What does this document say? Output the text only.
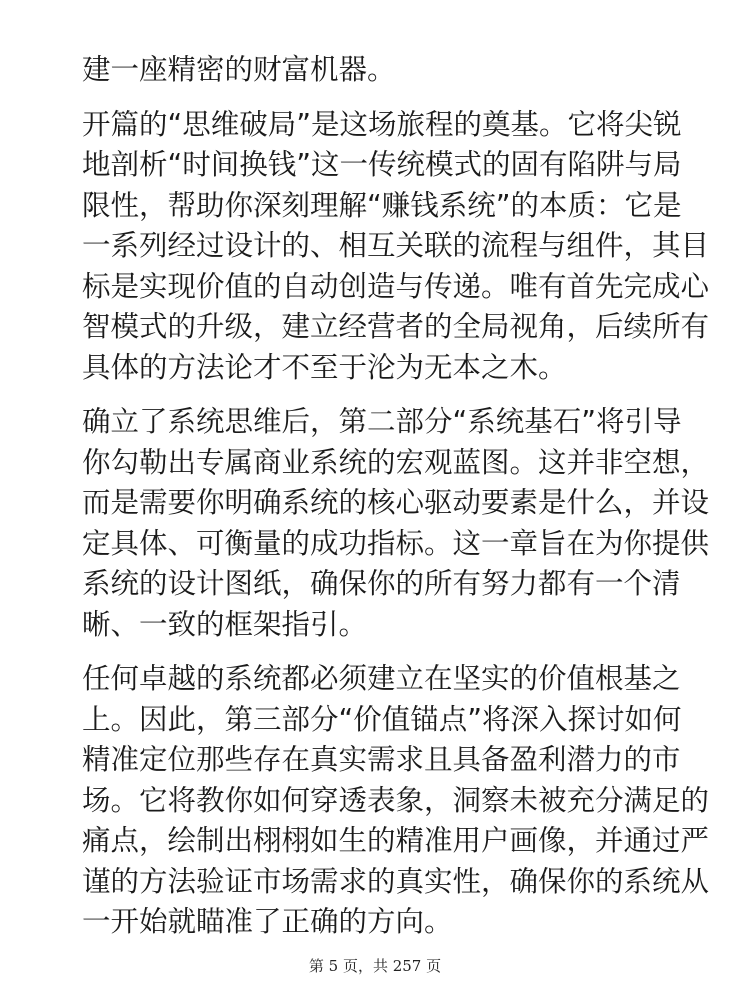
建一座精密的财富机器。

开篇的“思维破局”是这场旅程的奠基。它将尖锐
地剖析“时间换钱”这一传统模式的固有陷阱与局
限性，帮助你深刻理解“赚钱系统”的本质：它是
一系列经过设计的、相互关联的流程与组件，其目
标是实现价值的自动创造与传递。唯有首先完成心
智模式的升级，建立经营者的全局视角，后续所有
具体的方法论才不至于沦为无本之木。

确立了系统思维后，第二部分“系统基石”将引导
你勾勒出专属商业系统的宏观蓝图。这并非空想，
而是需要你明确系统的核心驱动要素是什么，并设
定具体、可衡量的成功指标。这一章旨在为你提供
系统的设计图纸，确保你的所有努力都有一个清
晰、一致的框架指引。

任何卓越的系统都必须建立在坚实的价值根基之
上。因此，第三部分“价值锚点”将深入探讨如何
精准定位那些存在真实需求且具备盈利潜力的市
场。它将教你如何穿透表象，洞察未被充分满足的
痛点，绘制出栩栩如生的精准用户画像，并通过严
谨的方法验证市场需求的真实性，确保你的系统从
一开始就瞄准了正确的方向。

第 5 页，共 257 页
